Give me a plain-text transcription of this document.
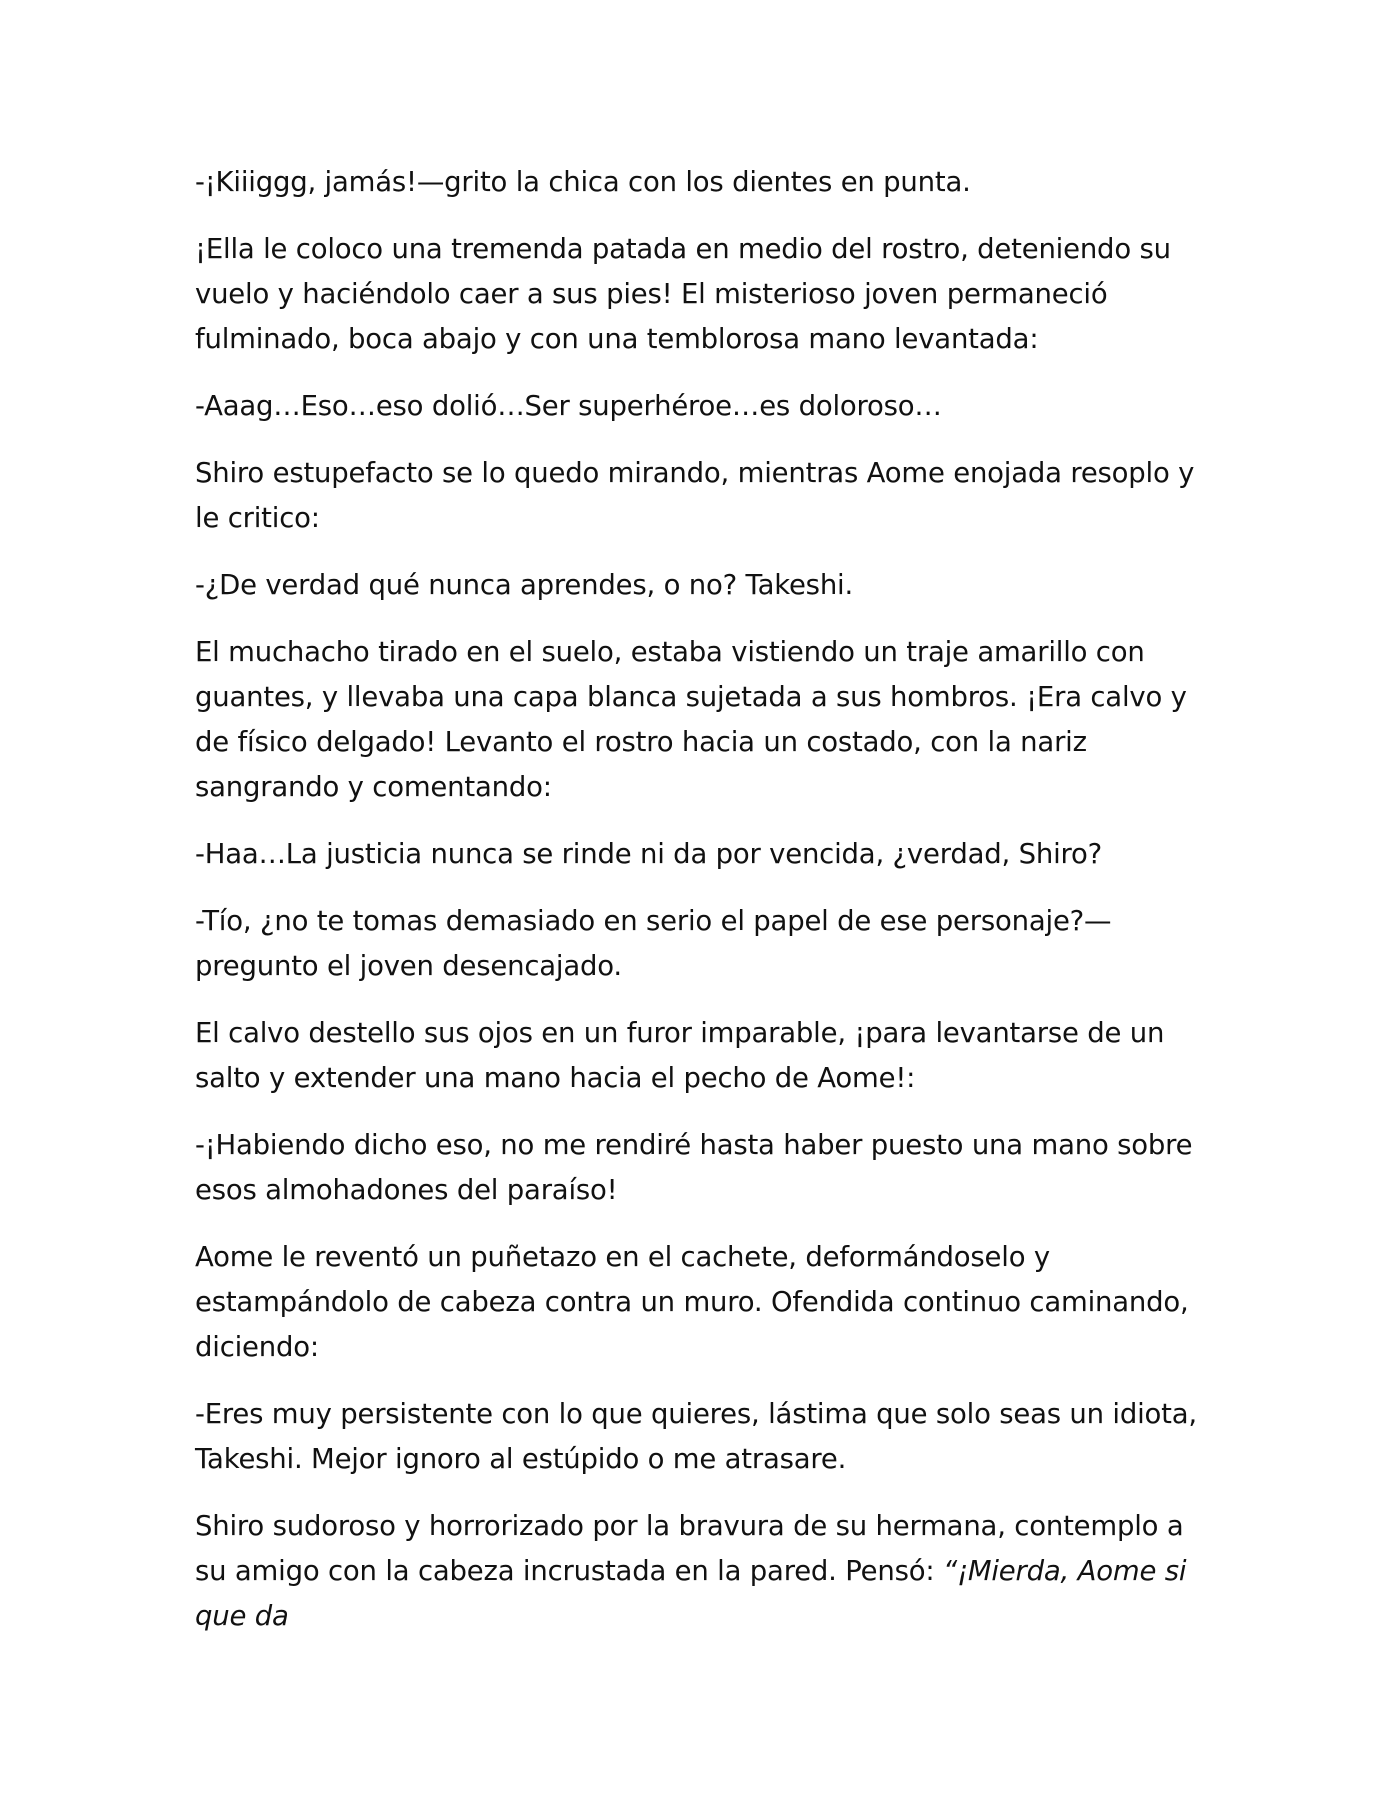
-¡Kiiiggg, jamás!—grito la chica con los dientes en punta.

¡Ella le coloco una tremenda patada en medio del rostro, deteniendo su vuelo y haciéndolo caer a sus pies! El misterioso joven permaneció fulminado, boca abajo y con una temblorosa mano levantada:

-Aaag…Eso…eso dolió…Ser superhéroe…es doloroso…

Shiro estupefacto se lo quedo mirando, mientras Aome enojada resoplo y le critico:

-¿De verdad qué nunca aprendes, o no? Takeshi.

El muchacho tirado en el suelo, estaba vistiendo un traje amarillo con guantes, y llevaba una capa blanca sujetada a sus hombros. ¡Era calvo y de físico delgado! Levanto el rostro hacia un costado, con la nariz sangrando y comentando:

-Haa…La justicia nunca se rinde ni da por vencida, ¿verdad, Shiro?

-Tío, ¿no te tomas demasiado en serio el papel de ese personaje?—pregunto el joven desencajado.

El calvo destello sus ojos en un furor imparable, ¡para levantarse de un salto y extender una mano hacia el pecho de Aome!:

-¡Habiendo dicho eso, no me rendiré hasta haber puesto una mano sobre esos almohadones del paraíso!

Aome le reventó un puñetazo en el cachete, deformándoselo y estampándolo de cabeza contra un muro. Ofendida continuo caminando, diciendo:

-Eres muy persistente con lo que quieres, lástima que solo seas un idiota, Takeshi. Mejor ignoro al estúpido o me atrasare.

Shiro sudoroso y horrorizado por la bravura de su hermana, contemplo a su amigo con la cabeza incrustada en la pared. Pensó: “¡Mierda, Aome si que da
